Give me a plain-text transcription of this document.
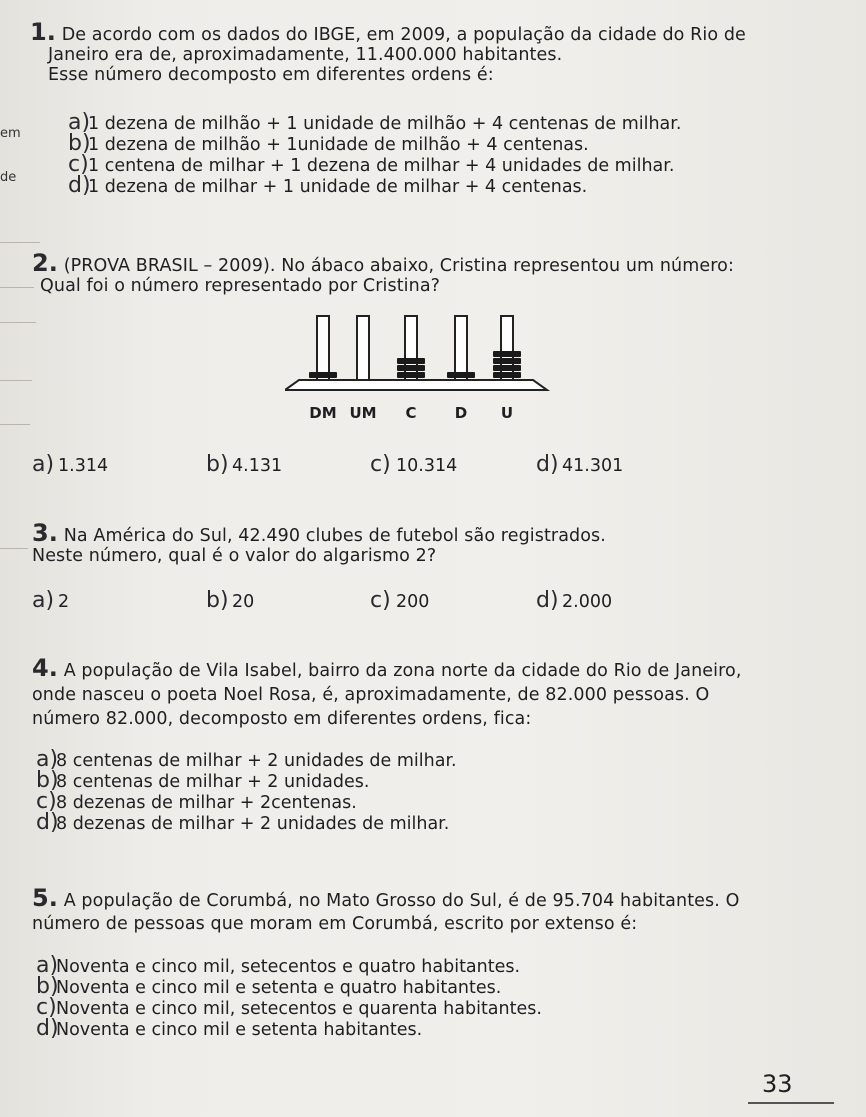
em
de

1. De acordo com os dados do IBGE, em 2009, a população da cidade do Rio de

Janeiro era de, aproximadamente, 11.400.000 habitantes.

Esse número decomposto em diferentes ordens é:

a)1 dezena de milhão + 1 unidade de milhão + 4 centenas de milhar.

b)1 dezena de milhão + 1unidade de milhão + 4 centenas.

c)1 centena de milhar + 1 dezena de milhar + 4 unidades de milhar.

d)1 dezena de milhar + 1 unidade de milhar + 4 centenas.

2. (PROVA BRASIL – 2009). No ábaco abaixo, Cristina representou um número:

Qual foi o número representado por Cristina?

DM UM C	D U
a) 1.314	b) 4.131	c) 10.314	d) 41.301

3. Na América do Sul, 42.490 clubes de futebol são registrados.

Neste número, qual é o valor do algarismo 2?

a) 2	b) 20	c) 200	d) 2.000

4. A população de Vila Isabel, bairro da zona norte da cidade do Rio de Janeiro,

onde nasceu o poeta Noel Rosa, é, aproximadamente, de 82.000 pessoas. O

número 82.000, decomposto em diferentes ordens, fica:

a)8 centenas de milhar + 2 unidades de milhar.

b)8 centenas de milhar + 2 unidades.

c)8 dezenas de milhar + 2centenas.

d)8 dezenas de milhar + 2 unidades de milhar.

5. A população de Corumbá, no Mato Grosso do Sul, é de 95.704 habitantes. O

número de pessoas que moram em Corumbá, escrito por extenso é:

a)Noventa e cinco mil, setecentos e quatro habitantes.

b)Noventa e cinco mil e setenta e quatro habitantes.

c)Noventa e cinco mil, setecentos e quarenta habitantes.

d)Noventa e cinco mil e setenta habitantes.

33
